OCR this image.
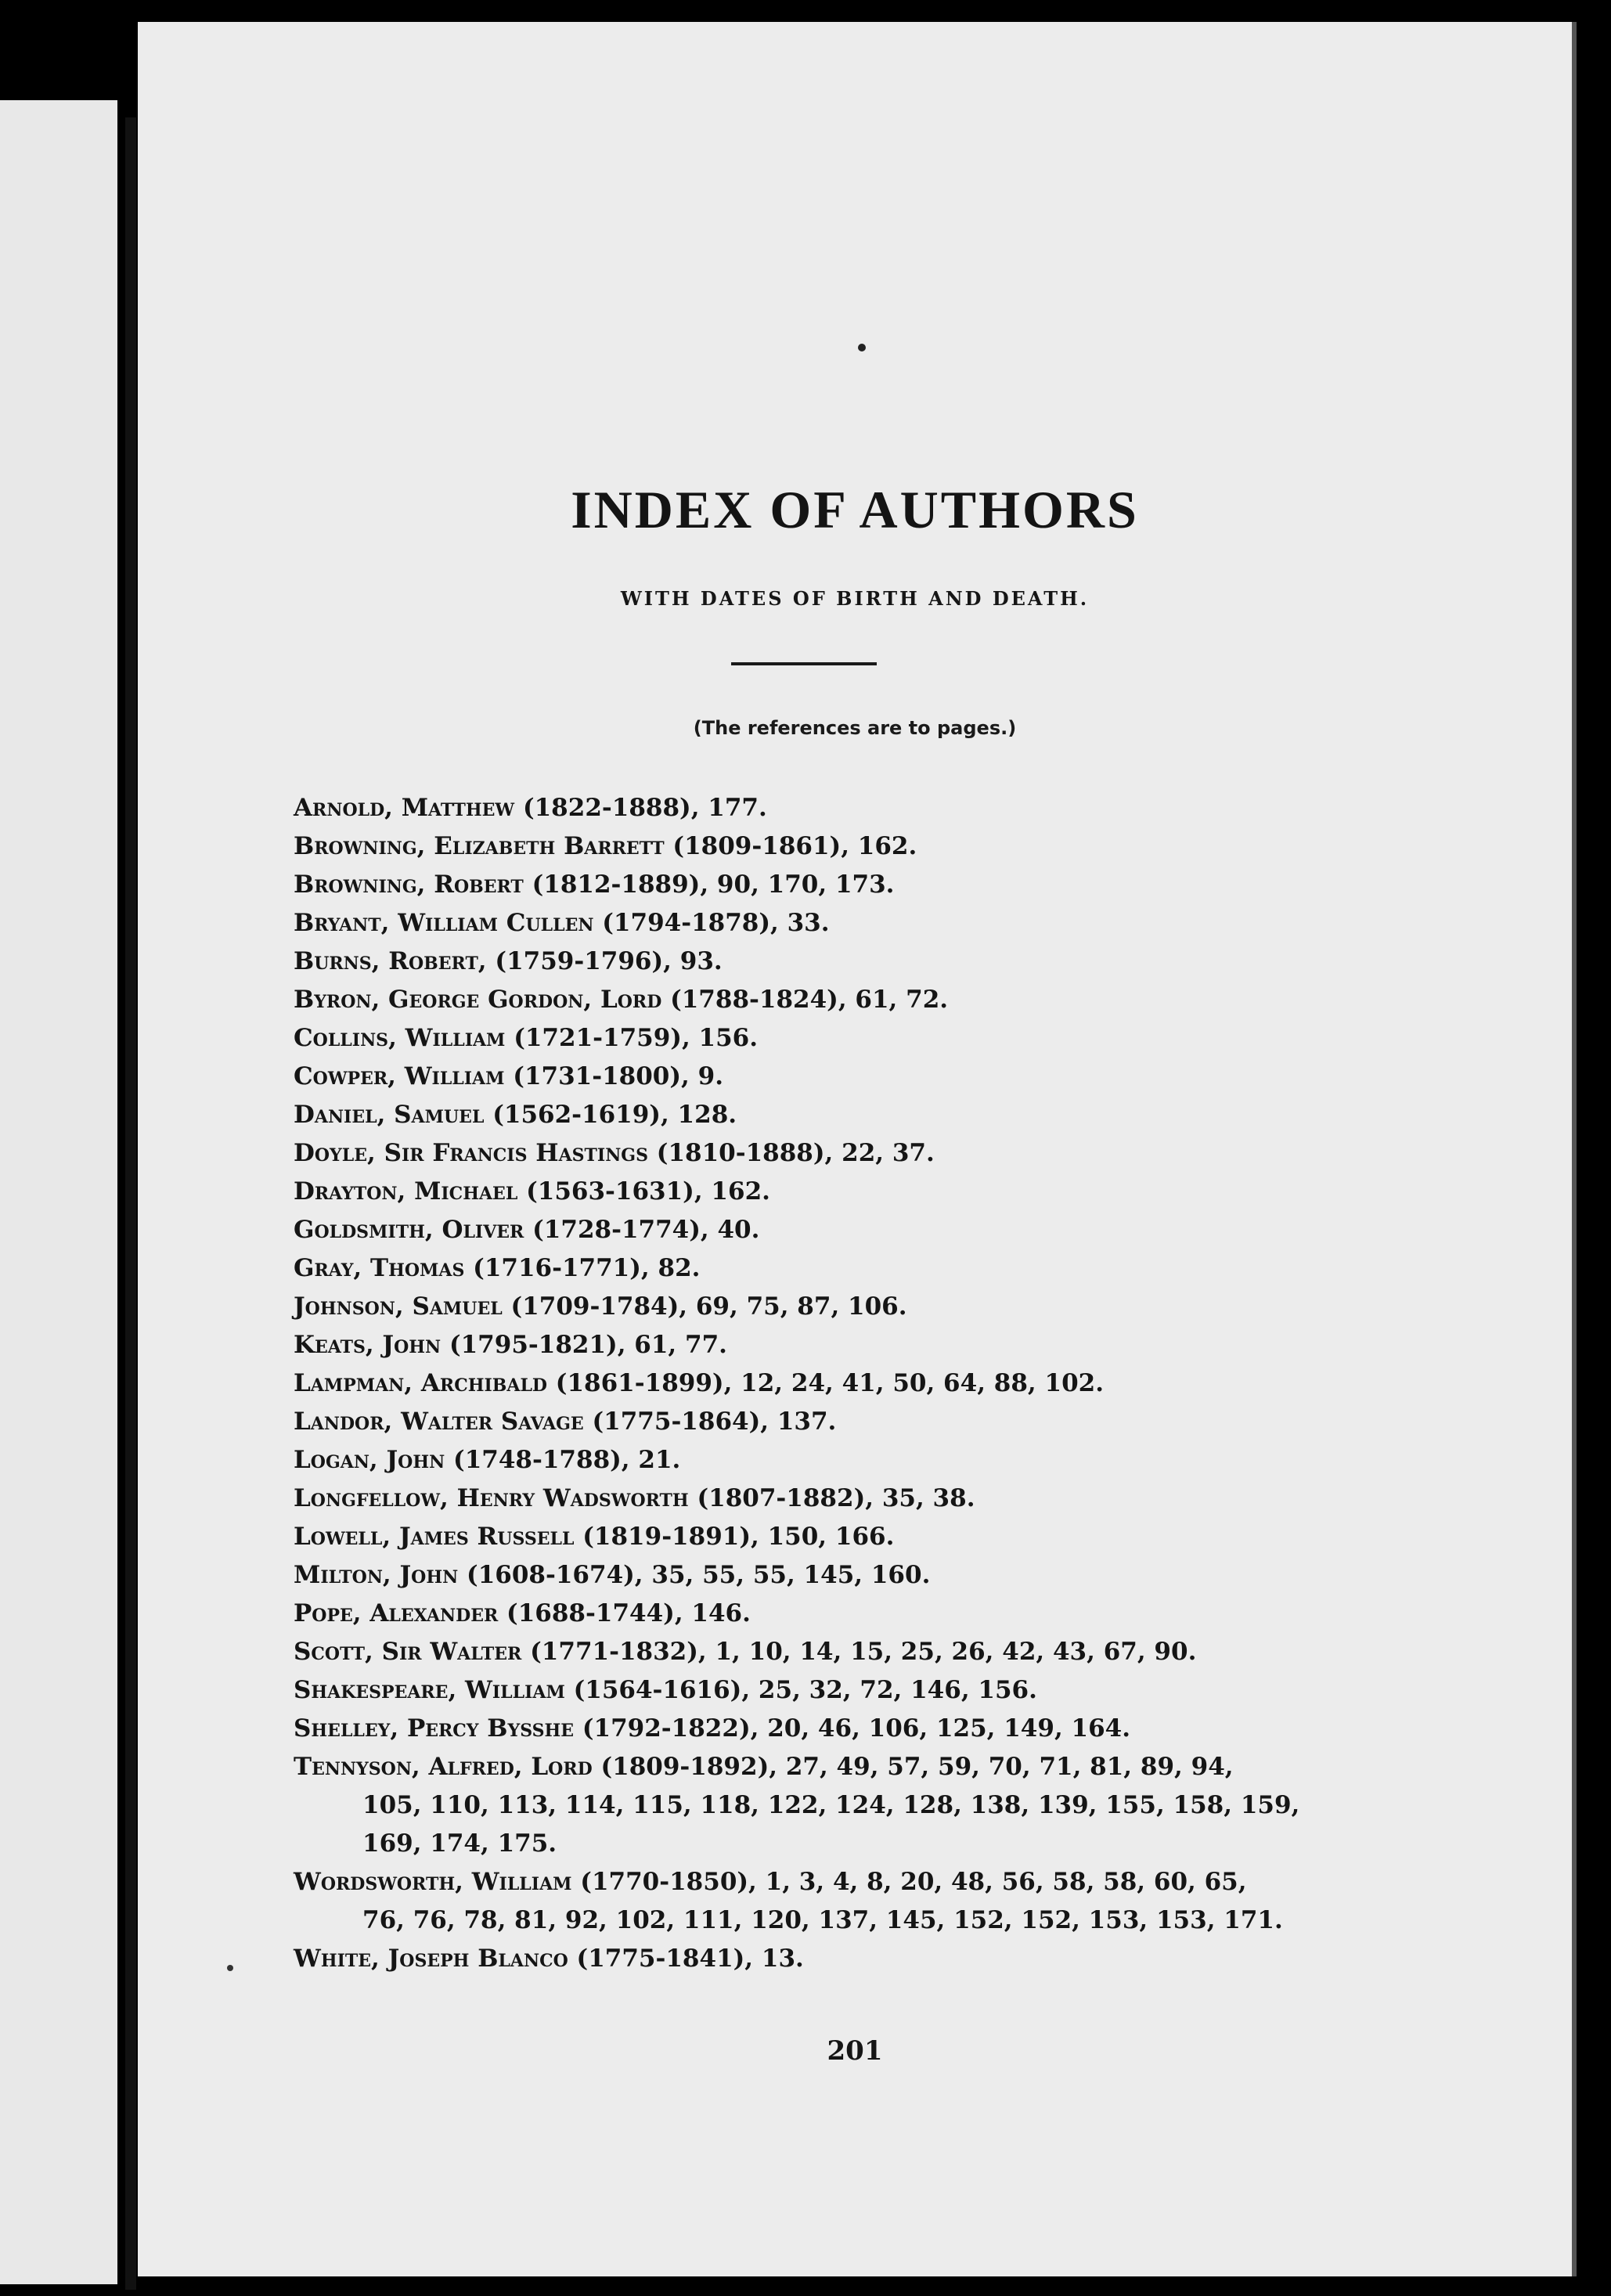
INDEX OF AUTHORS
WITH DATES OF BIRTH AND DEATH.
(The references are to pages.)
Arnold, Matthew (1822-1888), 177.
Browning, Elizabeth Barrett (1809-1861), 162.
Browning, Robert (1812-1889), 90, 170, 173.
Bryant, William Cullen (1794-1878), 33.
Burns, Robert, (1759-1796), 93.
Byron, George Gordon, Lord (1788-1824), 61, 72.
Collins, William (1721-1759), 156.
Cowper, William (1731-1800), 9.
Daniel, Samuel (1562-1619), 128.
Doyle, Sir Francis Hastings (1810-1888), 22, 37.
Drayton, Michael (1563-1631), 162.
Goldsmith, Oliver (1728-1774), 40.
Gray, Thomas (1716-1771), 82.
Johnson, Samuel (1709-1784), 69, 75, 87, 106.
Keats, John (1795-1821), 61, 77.
Lampman, Archibald (1861-1899), 12, 24, 41, 50, 64, 88, 102.
Landor, Walter Savage (1775-1864), 137.
Logan, John (1748-1788), 21.
Longfellow, Henry Wadsworth (1807-1882), 35, 38.
Lowell, James Russell (1819-1891), 150, 166.
Milton, John (1608-1674), 35, 55, 55, 145, 160.
Pope, Alexander (1688-1744), 146.
Scott, Sir Walter (1771-1832), 1, 10, 14, 15, 25, 26, 42, 43, 67, 90.
Shakespeare, William (1564-1616), 25, 32, 72, 146, 156.
Shelley, Percy Bysshe (1792-1822), 20, 46, 106, 125, 149, 164.
Tennyson, Alfred, Lord (1809-1892), 27, 49, 57, 59, 70, 71, 81, 89, 94,
105, 110, 113, 114, 115, 118, 122, 124, 128, 138, 139, 155, 158, 159,
169, 174, 175.
Wordsworth, William (1770-1850), 1, 3, 4, 8, 20, 48, 56, 58, 58, 60, 65,
76, 76, 78, 81, 92, 102, 111, 120, 137, 145, 152, 152, 153, 153, 171.
White, Joseph Blanco (1775-1841), 13.
201
